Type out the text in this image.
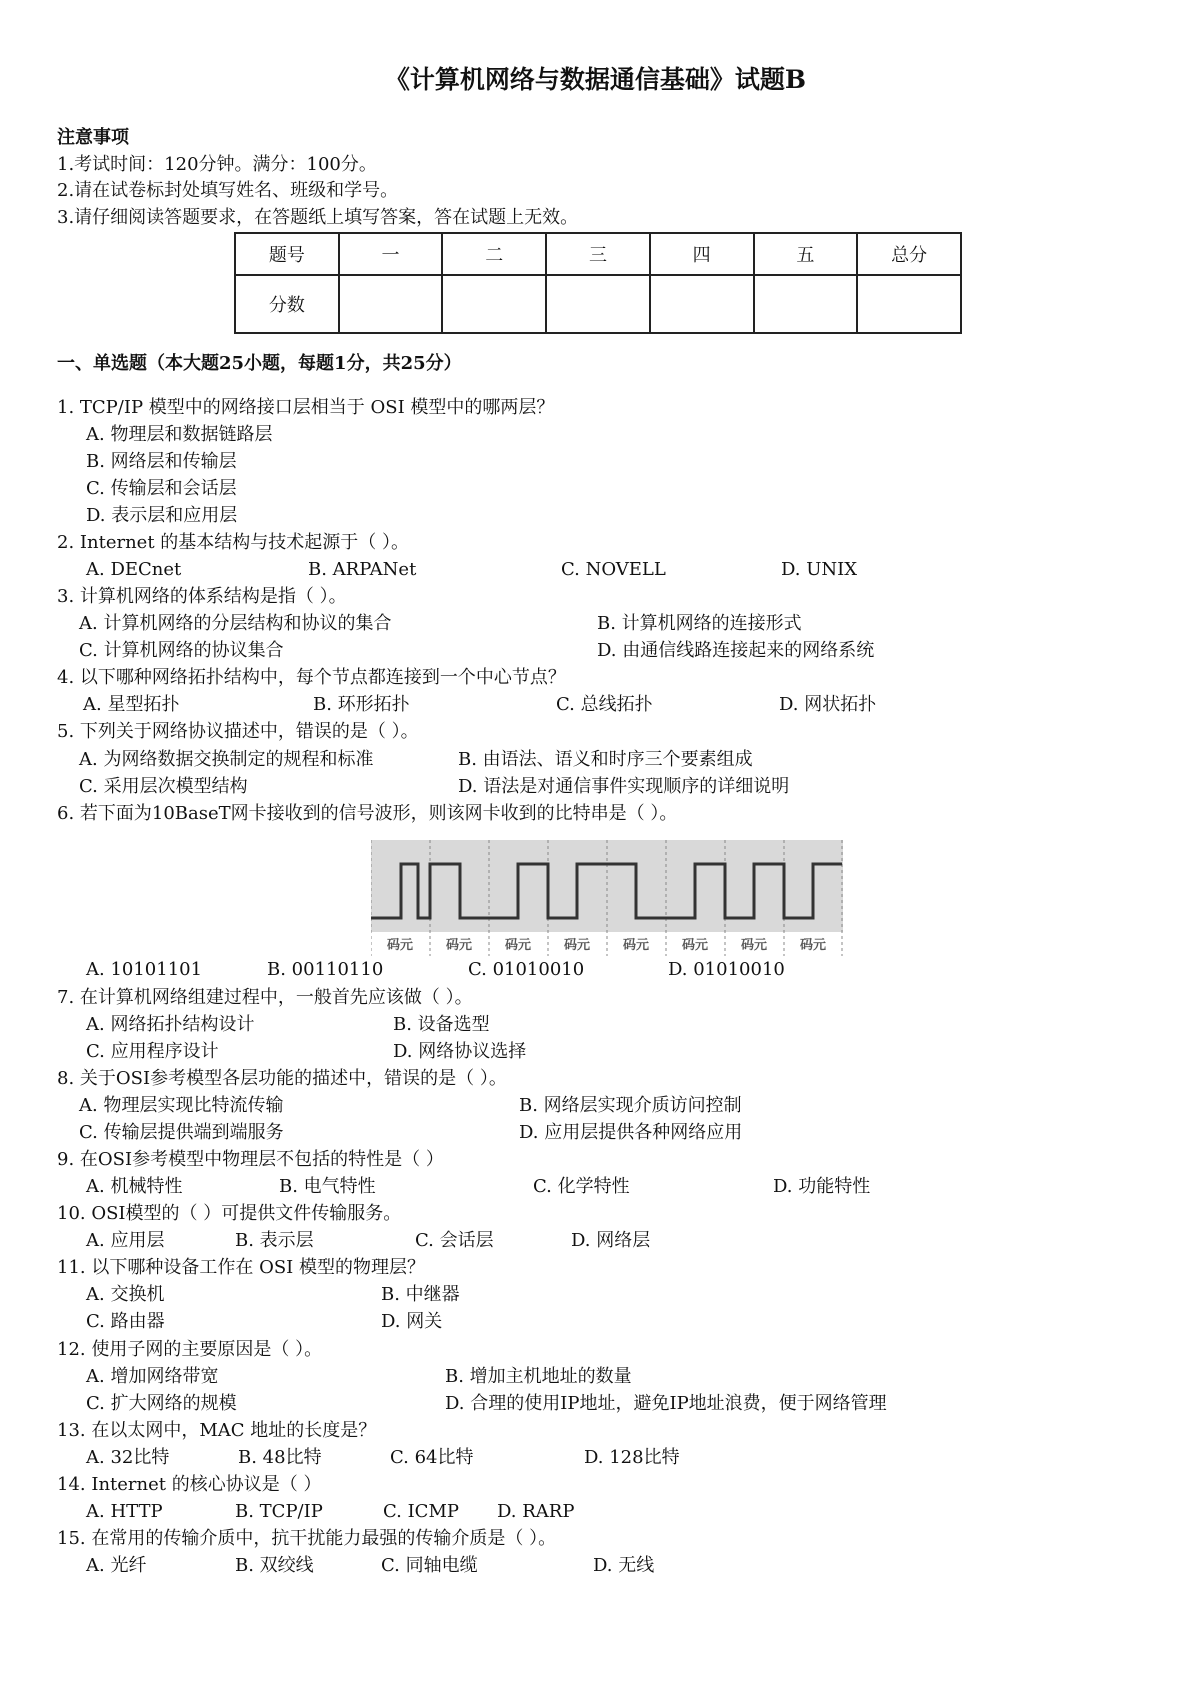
《计算机网络与数据通信基础》试题B
注意事项
1.考试时间：120分钟。满分：100分。
2.请在试卷标封处填写姓名、班级和学号。
3.请仔细阅读答题要求，在答题纸上填写答案，答在试题上无效。
题号	一	二	三	四	五	总分
分数						
一、单选题（本大题25小题，每题1分，共25分）
1. TCP/IP 模型中的网络接口层相当于 OSI 模型中的哪两层？
A. 物理层和数据链路层
B. 网络层和传输层
C. 传输层和会话层
D. 表示层和应用层
2. Internet 的基本结构与技术起源于（ ）。
A. DECnet	B. ARPANet	C. NOVELL	D. UNIX
3. 计算机网络的体系结构是指（ ）。
A. 计算机网络的分层结构和协议的集合	B. 计算机网络的连接形式
C. 计算机网络的协议集合	D. 由通信线路连接起来的网络系统
4. 以下哪种网络拓扑结构中，每个节点都连接到一个中心节点？
A. 星型拓扑	B. 环形拓扑	C. 总线拓扑	D. 网状拓扑
5. 下列关于网络协议描述中，错误的是（ ）。
A. 为网络数据交换制定的规程和标准	B. 由语法、语义和时序三个要素组成
C. 采用层次模型结构	D. 语法是对通信事件实现顺序的详细说明
6. 若下面为10BaseT网卡接收到的信号波形，则该网卡收到的比特串是（ ）。
码元	码元	码元	码元	码元	码元	码元	码元
A. 10101101	B. 00110110	C. 01010010	D. 01010010
7. 在计算机网络组建过程中，一般首先应该做（ ）。
A. 网络拓扑结构设计	B. 设备选型
C. 应用程序设计	D. 网络协议选择
8. 关于OSI参考模型各层功能的描述中，错误的是（ ）。
A. 物理层实现比特流传输	B. 网络层实现介质访问控制
C. 传输层提供端到端服务	D. 应用层提供各种网络应用
9. 在OSI参考模型中物理层不包括的特性是（ ）
A. 机械特性	B. 电气特性	C. 化学特性	D. 功能特性
10. OSI模型的（ ）可提供文件传输服务。
A. 应用层	B. 表示层	C. 会话层	D. 网络层
11. 以下哪种设备工作在 OSI 模型的物理层？
A. 交换机	B. 中继器
C. 路由器	D. 网关
12. 使用子网的主要原因是（ ）。
A. 增加网络带宽	B. 增加主机地址的数量
C. 扩大网络的规模	D. 合理的使用IP地址，避免IP地址浪费，便于网络管理
13. 在以太网中，MAC 地址的长度是？
A. 32比特	B. 48比特	C. 64比特	D. 128比特
14. Internet 的核心协议是（ ）
A. HTTP	B. TCP/IP	C. ICMP D. RARP
15. 在常用的传输介质中，抗干扰能力最强的传输介质是（ ）。
A. 光纤	B. 双绞线	C. 同轴电缆	D. 无线
